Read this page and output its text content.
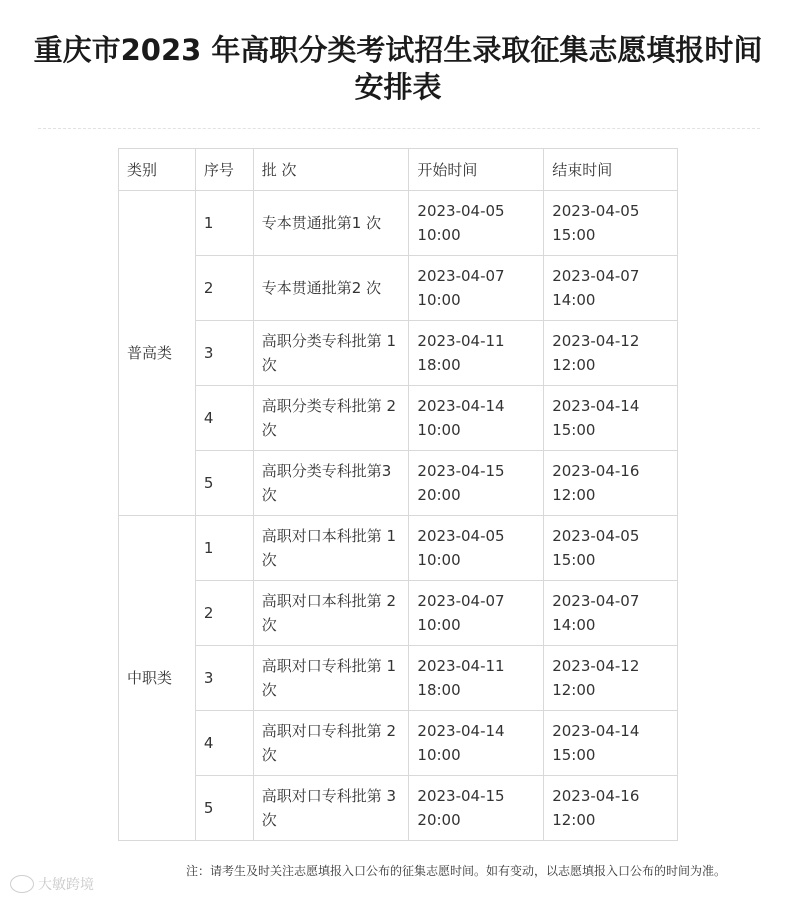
重庆市2023 年高职分类考试招生录取征集志愿填报时间安排表
类别	序号	批 次	开始时间	结束时间
	1	专本贯通批第1 次	2023-04-05 10:00	2023-04-05 15:00
	2	专本贯通批第2 次	2023-04-07 10:00	2023-04-07 14:00
普高类	3	高职分类专科批第 1 次	2023-04-11 18:00	2023-04-12 12:00
	4	高职分类专科批第 2 次	2023-04-14 10:00	2023-04-14 15:00
	5	高职分类专科批第3 次	2023-04-15 20:00	2023-04-16 12:00
	1	高职对口本科批第 1 次	2023-04-05 10:00	2023-04-05 15:00
	2	高职对口本科批第 2 次	2023-04-07 10:00	2023-04-07 14:00
中职类	3	高职对口专科批第 1 次	2023-04-11 18:00	2023-04-12 12:00
	4	高职对口专科批第 2 次	2023-04-14 10:00	2023-04-14 15:00
	5	高职对口专科批第 3 次	2023-04-15 20:00	2023-04-16 12:00
注：请考生及时关注志愿填报入口公布的征集志愿时间。如有变动，以志愿填报入口公布的时间为准。
大敏跨境
